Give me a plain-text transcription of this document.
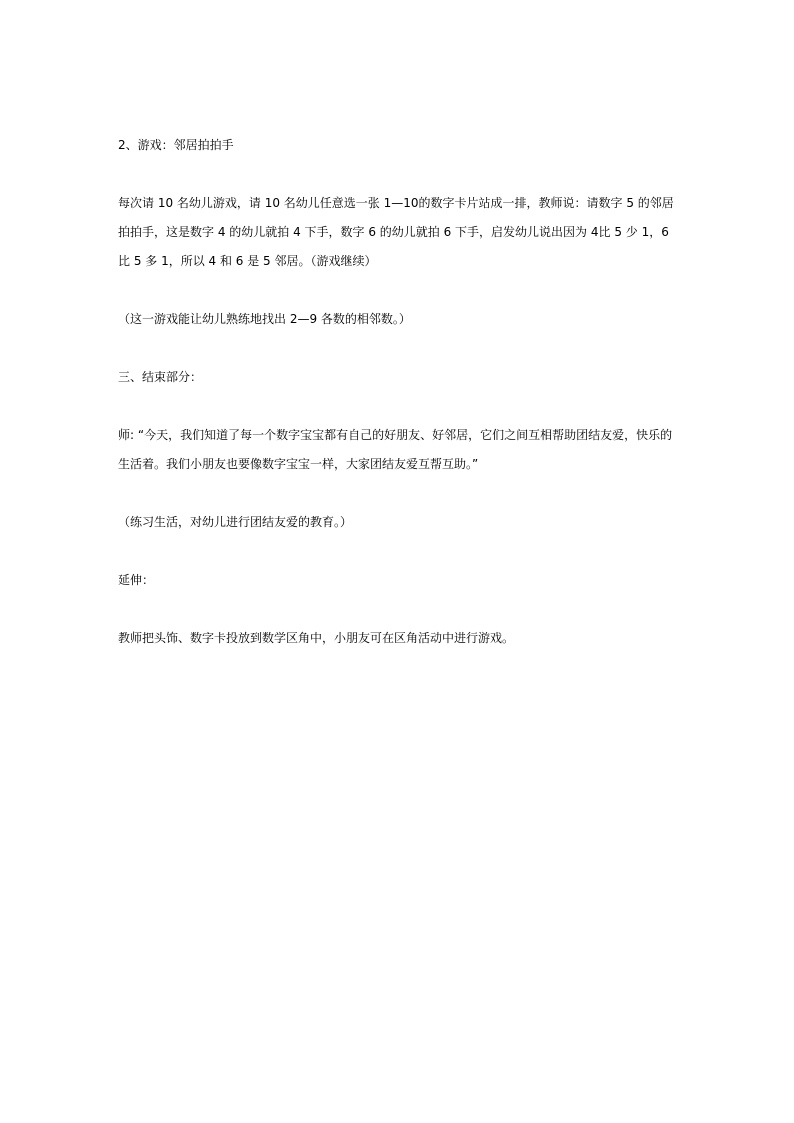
2、游戏：邻居拍拍手

每次请 10 名幼儿游戏，请 10 名幼儿任意选一张 1—10的数字卡片站成一排，教师说：请数字 5 的邻居

拍拍手，这是数字 4 的幼儿就拍 4 下手，数字 6 的幼儿就拍 6 下手，启发幼儿说出因为 4比 5 少 1，6

比 5 多 1，所以 4 和 6 是 5 邻居。（游戏继续）

（这一游戏能让幼儿熟练地找出 2—9 各数的相邻数。）

三、结束部分：

师: “今天，我们知道了每一个数字宝宝都有自己的好朋友、好邻居，它们之间互相帮助团结友爱，快乐的

生活着。我们小朋友也要像数字宝宝一样，大家团结友爱互帮互助。”

（练习生活，对幼儿进行团结友爱的教育。）

延伸：

教师把头饰、数字卡投放到数学区角中，小朋友可在区角活动中进行游戏。
